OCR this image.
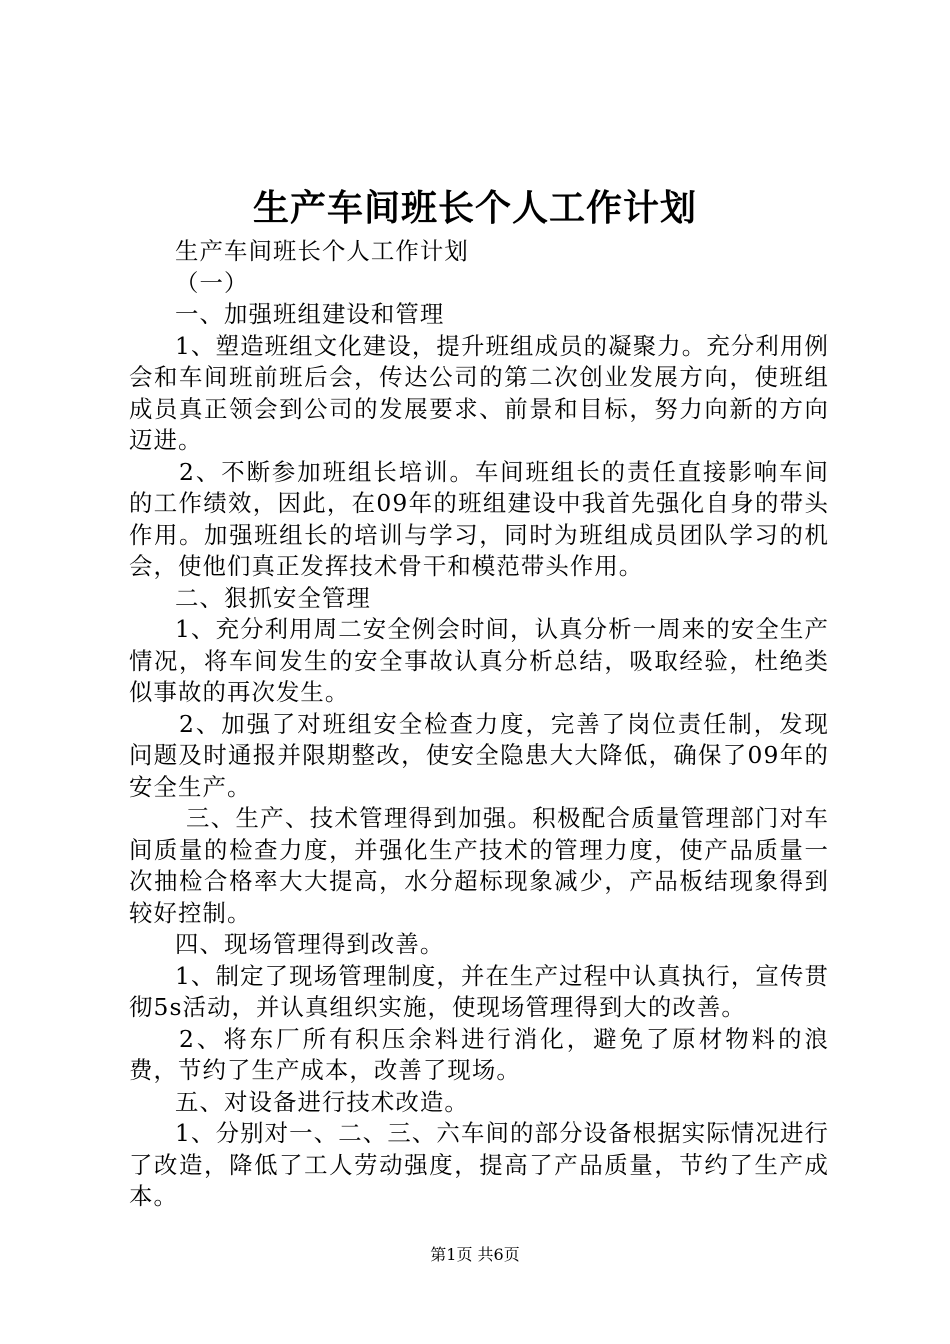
生产车间班长个人工作计划

生产车间班长个人工作计划

（一）

一、加强班组建设和管理

1、塑造班组文化建设，提升班组成员的凝聚力。充分利用例会和车间班前班后会，传达公司的第二次创业发展方向，使班组成员真正领会到公司的发展要求、前景和目标，努力向新的方向迈进。

2、不断参加班组长培训。车间班组长的责任直接影响车间的工作绩效，因此，在09年的班组建设中我首先强化自身的带头作用。加强班组长的培训与学习，同时为班组成员团队学习的机会，使他们真正发挥技术骨干和模范带头作用。

二、狠抓安全管理

1、充分利用周二安全例会时间，认真分析一周来的安全生产情况，将车间发生的安全事故认真分析总结，吸取经验，杜绝类似事故的再次发生。

2、加强了对班组安全检查力度，完善了岗位责任制，发现问题及时通报并限期整改，使安全隐患大大降低，确保了09年的安全生产。

三、生产、技术管理得到加强。积极配合质量管理部门对车间质量的检查力度，并强化生产技术的管理力度，使产品质量一次抽检合格率大大提高，水分超标现象减少，产品板结现象得到较好控制。

四、现场管理得到改善。

1、制定了现场管理制度，并在生产过程中认真执行，宣传贯彻5s活动，并认真组织实施，使现场管理得到大的改善。

2、将东厂所有积压余料进行消化，避免了原材物料的浪费，节约了生产成本，改善了现场。

五、对设备进行技术改造。

1、分别对一、二、三、六车间的部分设备根据实际情况进行了改造，降低了工人劳动强度，提高了产品质量，节约了生产成本。

第1页 共6页
